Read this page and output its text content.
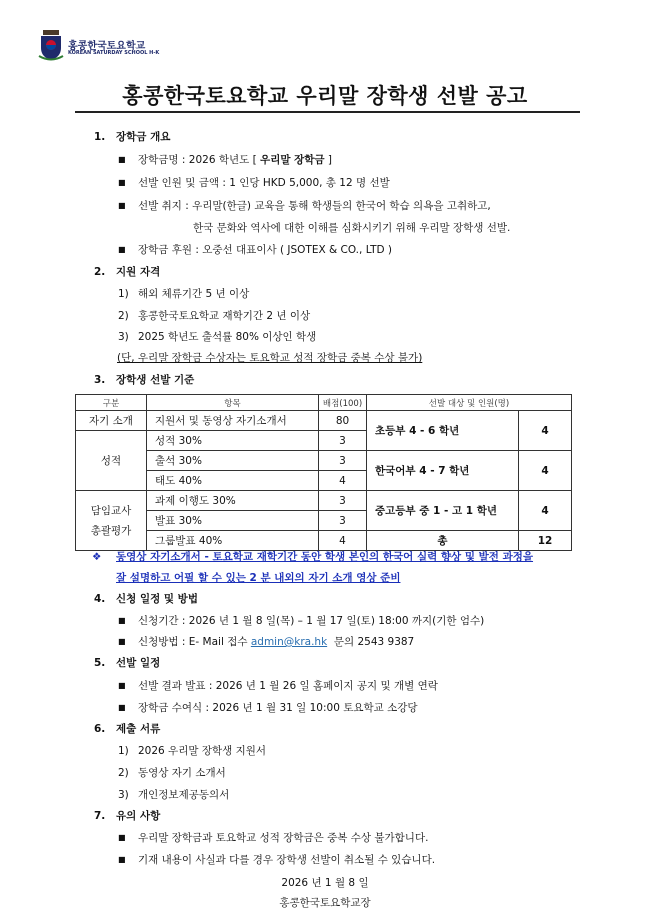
홍콩한국토요학교
KOREAN SATURDAY SCHOOL H-K
홍콩한국토요학교 우리말 장학생 선발 공고
1. 장학금 개요
■ 장학금명 : 2026 학년도 [ 우리말 장학금 ]
■ 선발 인원 및 금액 : 1 인당 HKD 5,000, 총 12 명 선발
■ 선발 취지 : 우리말(한글) 교육을 통해 학생들의 한국어 학습 의욕을 고취하고,
한국 문화와 역사에 대한 이해를 심화시키기 위해 우리말 장학생 선발.
■ 장학금 후원 : 오중선 대표이사 ( JSOTEX & CO., LTD )
2. 지원 자격
1) 해외 체류기간 5 년 이상
2) 홍콩한국토요학교 재학기간 2 년 이상
3) 2025 학년도 출석률 80% 이상인 학생
(단, 우리말 장학금 수상자는 토요학교 성적 장학금 중복 수상 불가)
3. 장학생 선발 기준
구분	항목	배점(100)	선발 대상 및 인원(명)	
자기 소개	지원서 및 동영상 자기소개서	80	초등부 4 - 6 학년	4
성적	성적 30%	3		
	출석 30%	3	한국어부 4 - 7 학년	4
	태도 40%	4		
담임교사
총괄평가	과제 이행도 30%	3	중고등부 중 1 - 고 1 학년	4
	발표 30%	3		
	그룹발표 40%	4	총	12
❖ 동영상 자기소개서 - 토요학교 재학기간 동안 학생 본인의 한국어 실력 향상 및 발전 과정을
잘 설명하고 어필 할 수 있는 2 분 내외의 자기 소개 영상 준비
4. 신청 일정 및 방법
■ 신청기간 : 2026 년 1 월 8 일(목) – 1 월 17 일(토) 18:00 까지(기한 엄수)
■ 신청방법 : E- Mail 접수 admin@kra.hk  문의 2543 9387
5. 선발 일정
■ 선발 결과 발표 : 2026 년 1 월 26 일 홈페이지 공지 및 개별 연락
■ 장학금 수여식 : 2026 년 1 월 31 일 10:00 토요학교 소강당
6. 제출 서류
1) 2026 우리말 장학생 지원서
2) 동영상 자기 소개서
3) 개인정보제공동의서
7. 유의 사항
■ 우리말 장학금과 토요학교 성적 장학금은 중복 수상 불가합니다.
■ 기재 내용이 사실과 다를 경우 장학생 선발이 취소될 수 있습니다.
2026 년 1 월 8 일
홍콩한국토요학교장
